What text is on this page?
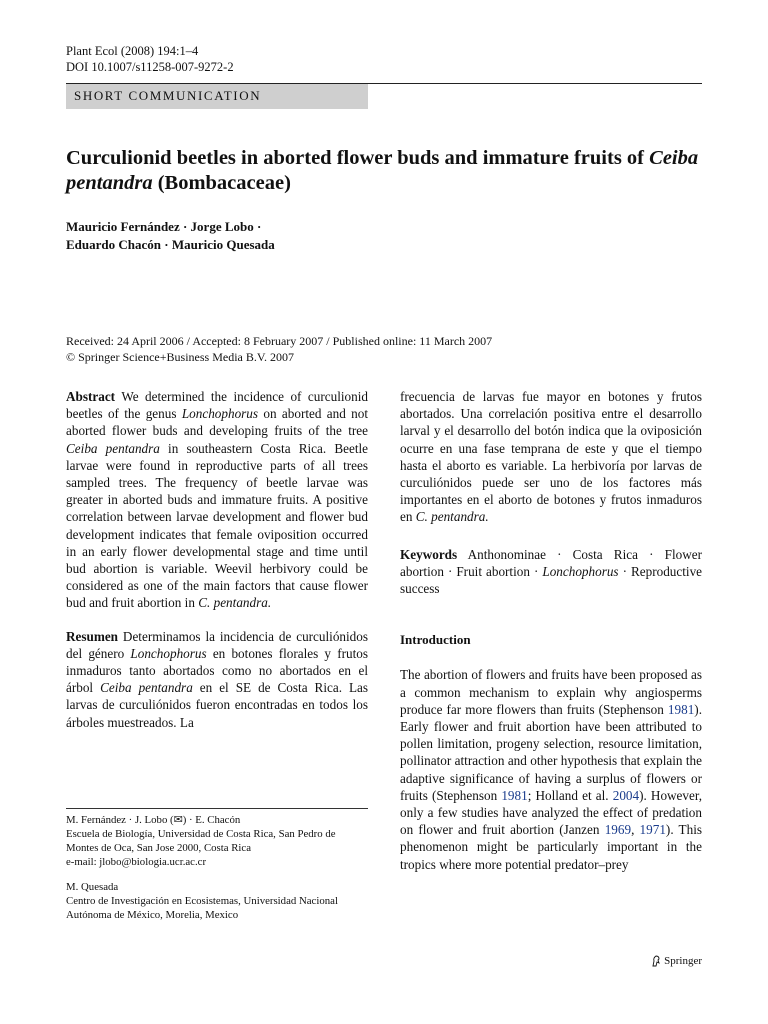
Plant Ecol (2008) 194:1–4
DOI 10.1007/s11258-007-9272-2
SHORT COMMUNICATION
Curculionid beetles in aborted flower buds and immature fruits of Ceiba pentandra (Bombacaceae)
Mauricio Fernández · Jorge Lobo ·
Eduardo Chacón · Mauricio Quesada
Received: 24 April 2006 / Accepted: 8 February 2007 / Published online: 11 March 2007
© Springer Science+Business Media B.V. 2007

Abstract We determined the incidence of curculionid beetles of the genus Lonchophorus on aborted and not aborted flower buds and developing fruits of the tree Ceiba pentandra in southeastern Costa Rica. Beetle larvae were found in reproductive parts of all trees sampled trees. The frequency of beetle larvae was greater in aborted buds and immature fruits. A positive correlation between larvae development and flower bud development indicates that female oviposition occurred in an early flower developmental stage and time until bud abortion is variable. Weevil herbivory could be considered as one of the main factors that cause flower bud and fruit abortion in C. pentandra.

Resumen Determinamos la incidencia de curculiónidos del género Lonchophorus en botones florales y frutos inmaduros tanto abortados como no abortados en el árbol Ceiba pentandra en el SE de Costa Rica. Las larvas de curculiónidos fueron encontradas en todos los árboles muestreados. La

M. Fernández · J. Lobo (✉) · E. Chacón
Escuela de Biología, Universidad de Costa Rica, San Pedro de Montes de Oca, San Jose 2000, Costa Rica
e-mail: jlobo@biologia.ucr.ac.cr

M. Quesada
Centro de Investigación en Ecosistemas, Universidad Nacional Autónoma de México, Morelia, Mexico

frecuencia de larvas fue mayor en botones y frutos abortados. Una correlación positiva entre el desarrollo larval y el desarrollo del botón indica que la oviposición ocurre en una fase temprana de este y que el tiempo hasta el aborto es variable. La herbivoría por larvas de curculiónidos puede ser uno de los factores más importantes en el aborto de botones y frutos inmaduros en C. pentandra.

Keywords Anthonominae · Costa Rica · Flower abortion · Fruit abortion · Lonchophorus · Reproductive success

Introduction

The abortion of flowers and fruits have been proposed as a common mechanism to explain why angiosperms produce far more flowers than fruits (Stephenson 1981). Early flower and fruit abortion have been attributed to pollen limitation, progeny selection, resource limitation, pollinator attraction and other hypothesis that explain the adaptive significance of having a surplus of flowers or fruits (Stephenson 1981; Holland et al. 2004). However, only a few studies have analyzed the effect of predation on flower and fruit abortion (Janzen 1969, 1971). This phenomenon might be particularly important in the tropics where more potential predator–prey

Springer
